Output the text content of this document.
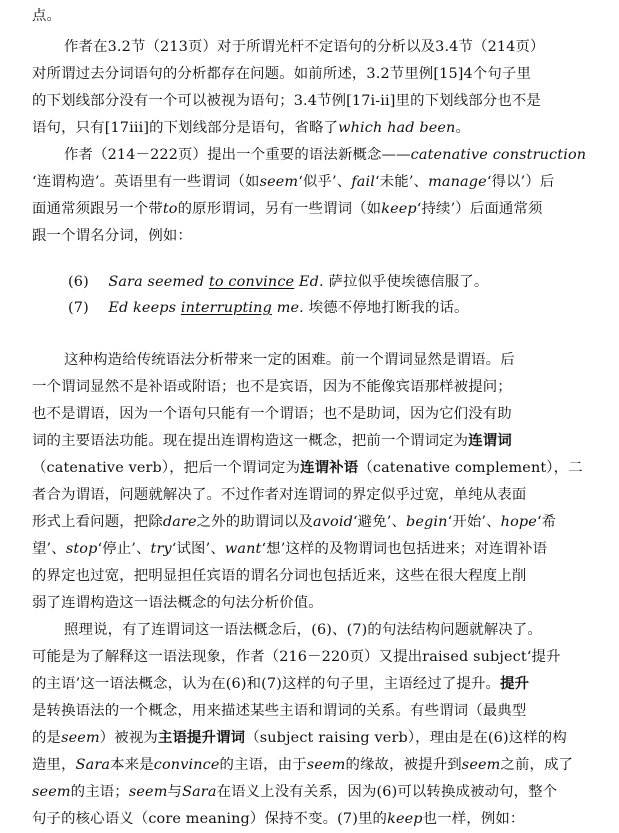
点。
作者在3.2节（213页）对于所谓光杆不定语句的分析以及3.4节（214页）
对所谓过去分词语句的分析都存在问题。如前所述，3.2节里例[15]4个句子里
的下划线部分没有一个可以被视为语句；3.4节例[17i-ii]里的下划线部分也不是
语句，只有[17iii]的下划线部分是语句，省略了which had been。
作者（214－222页）提出一个重要的语法新概念——catenative construction
‘连谓构造’。英语里有一些谓词（如seem‘似乎’、fail‘未能’、manage‘得以’）后
面通常须跟另一个带to的原形谓词，另有一些谓词（如keep‘持续’）后面通常须
跟一个谓名分词，例如：
(6) Sara seemed to convince Ed. 萨拉似乎使埃德信服了。
(7) Ed keeps interrupting me. 埃德不停地打断我的话。
这种构造给传统语法分析带来一定的困难。前一个谓词显然是谓语。后
一个谓词显然不是补语或附语；也不是宾语，因为不能像宾语那样被提问；
也不是谓语，因为一个语句只能有一个谓语；也不是助词，因为它们没有助
词的主要语法功能。现在提出连谓构造这一概念，把前一个谓词定为连谓词
（catenative verb），把后一个谓词定为连谓补语（catenative complement），二
者合为谓语，问题就解决了。不过作者对连谓词的界定似乎过宽，单纯从表面
形式上看问题，把除dare之外的助谓词以及avoid‘避免’、begin‘开始’、hope‘希
望’、stop‘停止’、try‘试图’、want‘想’这样的及物谓词也包括进来；对连谓补语
的界定也过宽，把明显担任宾语的谓名分词也包括近来，这些在很大程度上削
弱了连谓构造这一语法概念的句法分析价值。
照理说，有了连谓词这一语法概念后，(6)、(7)的句法结构问题就解决了。
可能是为了解释这一语法现象，作者（216－220页）又提出raised subject‘提升
的主语’这一语法概念，认为在(6)和(7)这样的句子里，主语经过了提升。提升
是转换语法的一个概念，用来描述某些主语和谓词的关系。有些谓词（最典型
的是seem）被视为主语提升谓词（subject raising verb），理由是在(6)这样的构
造里，Sara本来是convince的主语，由于seem的缘故，被提升到seem之前，成了
seem的主语；seem与Sara在语义上没有关系，因为(6)可以转换成被动句，整个
句子的核心语义（core meaning）保持不变。(7)里的keep也一样，例如：
